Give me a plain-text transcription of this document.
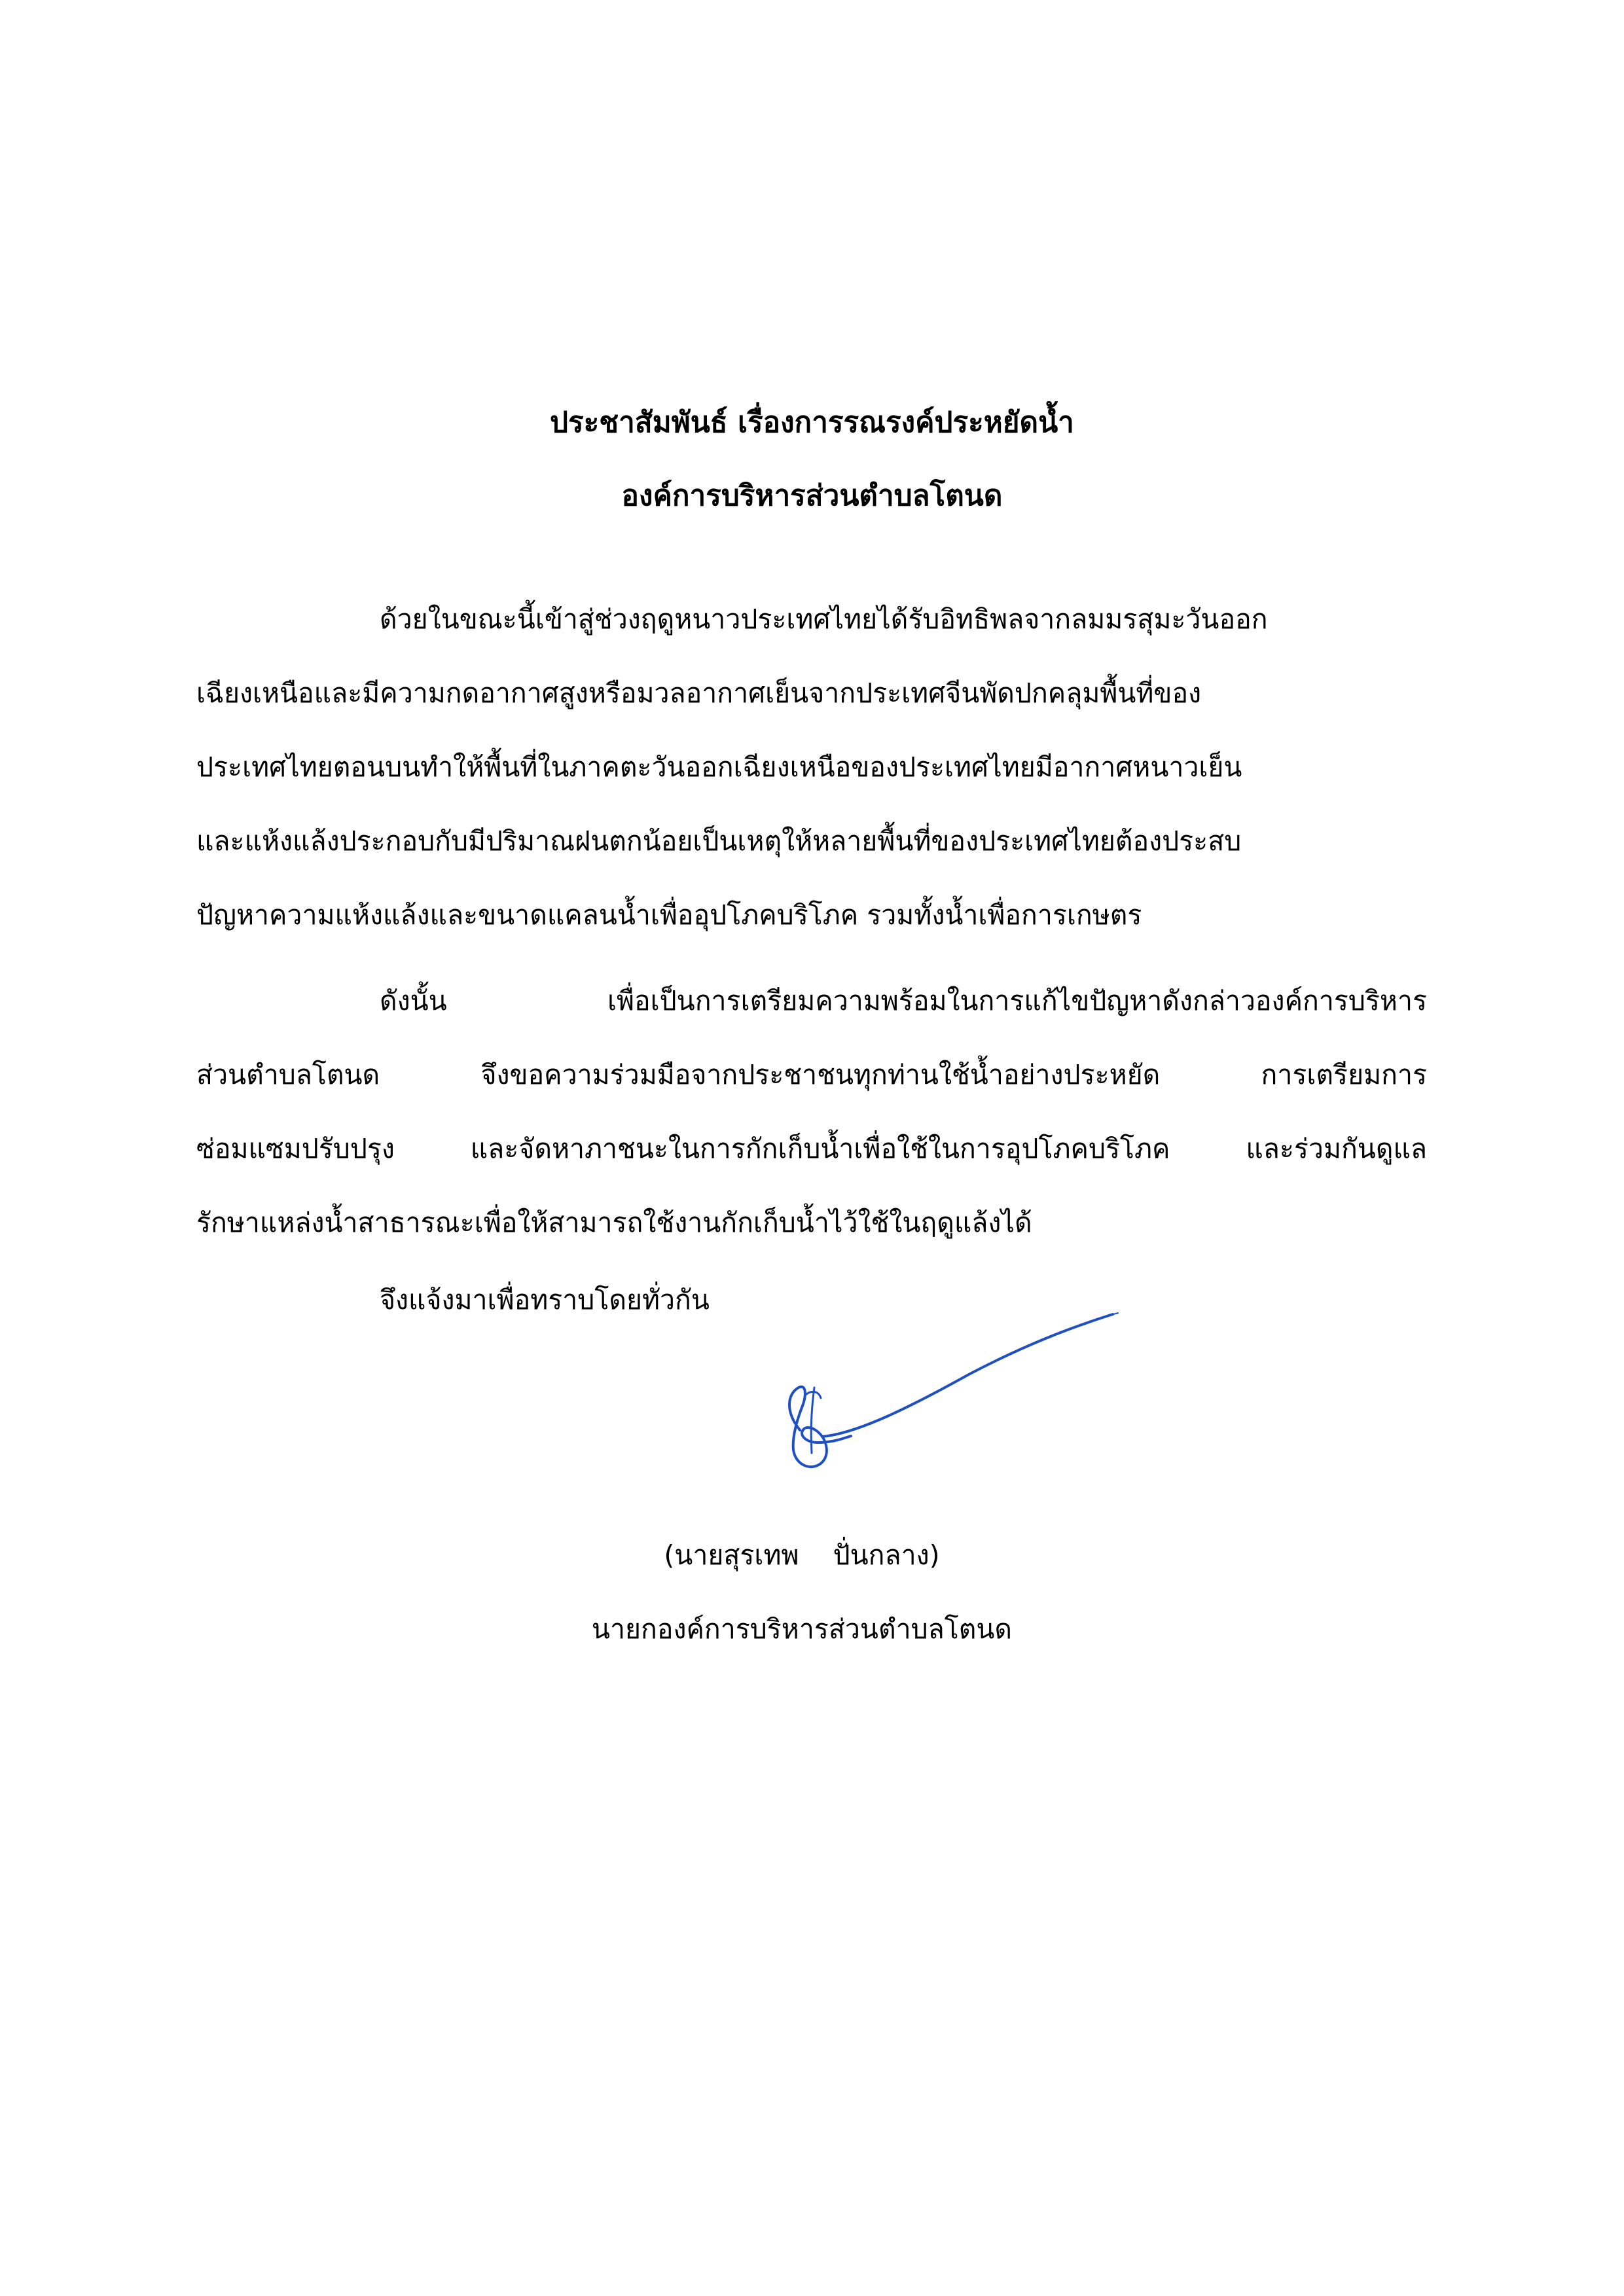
ประชาสัมพันธ์ เรื่องการรณรงค์ประหยัดน้ำ
องค์การบริหารส่วนตำบลโตนด
ด้วยในขณะนี้เข้าสู่ช่วงฤดูหนาวประเทศไทยได้รับอิทธิพลจากลมมรสุมะวันออก
เฉียงเหนือและมีความกดอากาศสูงหรือมวลอากาศเย็นจากประเทศจีนพัดปกคลุมพื้นที่ของ
ประเทศไทยตอนบนทำให้พื้นที่ในภาคตะวันออกเฉียงเหนือของประเทศไทยมีอากาศหนาวเย็น
และแห้งแล้งประกอบกับมีปริมาณฝนตกน้อยเป็นเหตุให้หลายพื้นที่ของประเทศไทยต้องประสบ
ปัญหาความแห้งแล้งและขนาดแคลนน้ำเพื่ออุปโภคบริโภค รวมทั้งน้ำเพื่อการเกษตร
ดังนั้น เพื่อเป็นการเตรียมความพร้อมในการแก้ไขปัญหาดังกล่าวองค์การบริหาร
ส่วนตำบลโตนด จึงขอความร่วมมือจากประชาชนทุกท่านใช้น้ำอย่างประหยัด การเตรียมการ
ซ่อมแซมปรับปรุง และจัดหาภาชนะในการกักเก็บน้ำเพื่อใช้ในการอุปโภคบริโภค และร่วมกันดูแล
รักษาแหล่งน้ำสาธารณะเพื่อให้สามารถใช้งานกักเก็บน้ำไว้ใช้ในฤดูแล้งได้
จึงแจ้งมาเพื่อทราบโดยทั่วกัน
(นายสุรเทพ    ปั่นกลาง)
นายกองค์การบริหารส่วนตำบลโตนด
